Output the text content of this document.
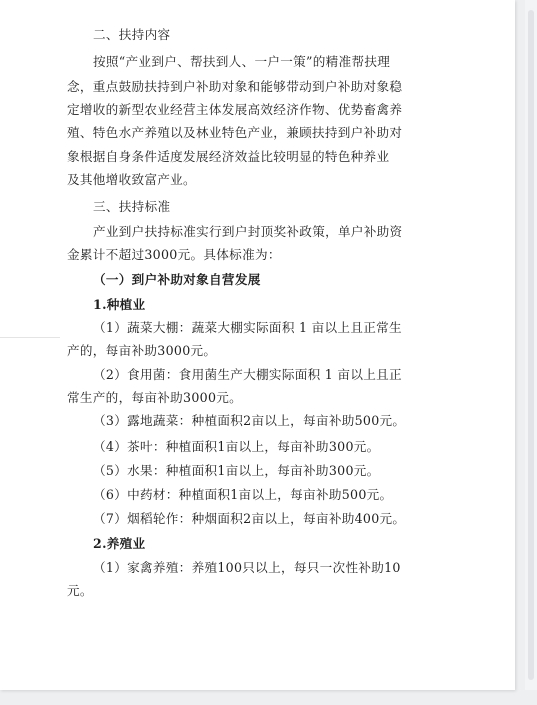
二、扶持内容
按照“产业到户、帮扶到人、一户一策”的精准帮扶理
念，重点鼓励扶持到户补助对象和能够带动到户补助对象稳
定增收的新型农业经营主体发展高效经济作物、优势畜禽养
殖、特色水产养殖以及林业特色产业，兼顾扶持到户补助对
象根据自身条件适度发展经济效益比较明显的特色种养业
及其他增收致富产业。
三、扶持标准
产业到户扶持标准实行到户封顶奖补政策，单户补助资
金累计不超过3000元。具体标准为：
（一）到户补助对象自营发展
1.种植业
（1）蔬菜大棚：蔬菜大棚实际面积 1 亩以上且正常生
产的，每亩补助3000元。
（2）食用菌：食用菌生产大棚实际面积 1 亩以上且正
常生产的，每亩补助3000元。
（3）露地蔬菜：种植面积2亩以上，每亩补助500元。
（4）茶叶：种植面积1亩以上，每亩补助300元。
（5）水果：种植面积1亩以上，每亩补助300元。
（6）中药材：种植面积1亩以上，每亩补助500元。
（7）烟稻轮作：种烟面积2亩以上，每亩补助400元。
2.养殖业
（1）家禽养殖：养殖100只以上，每只一次性补助10
元。
